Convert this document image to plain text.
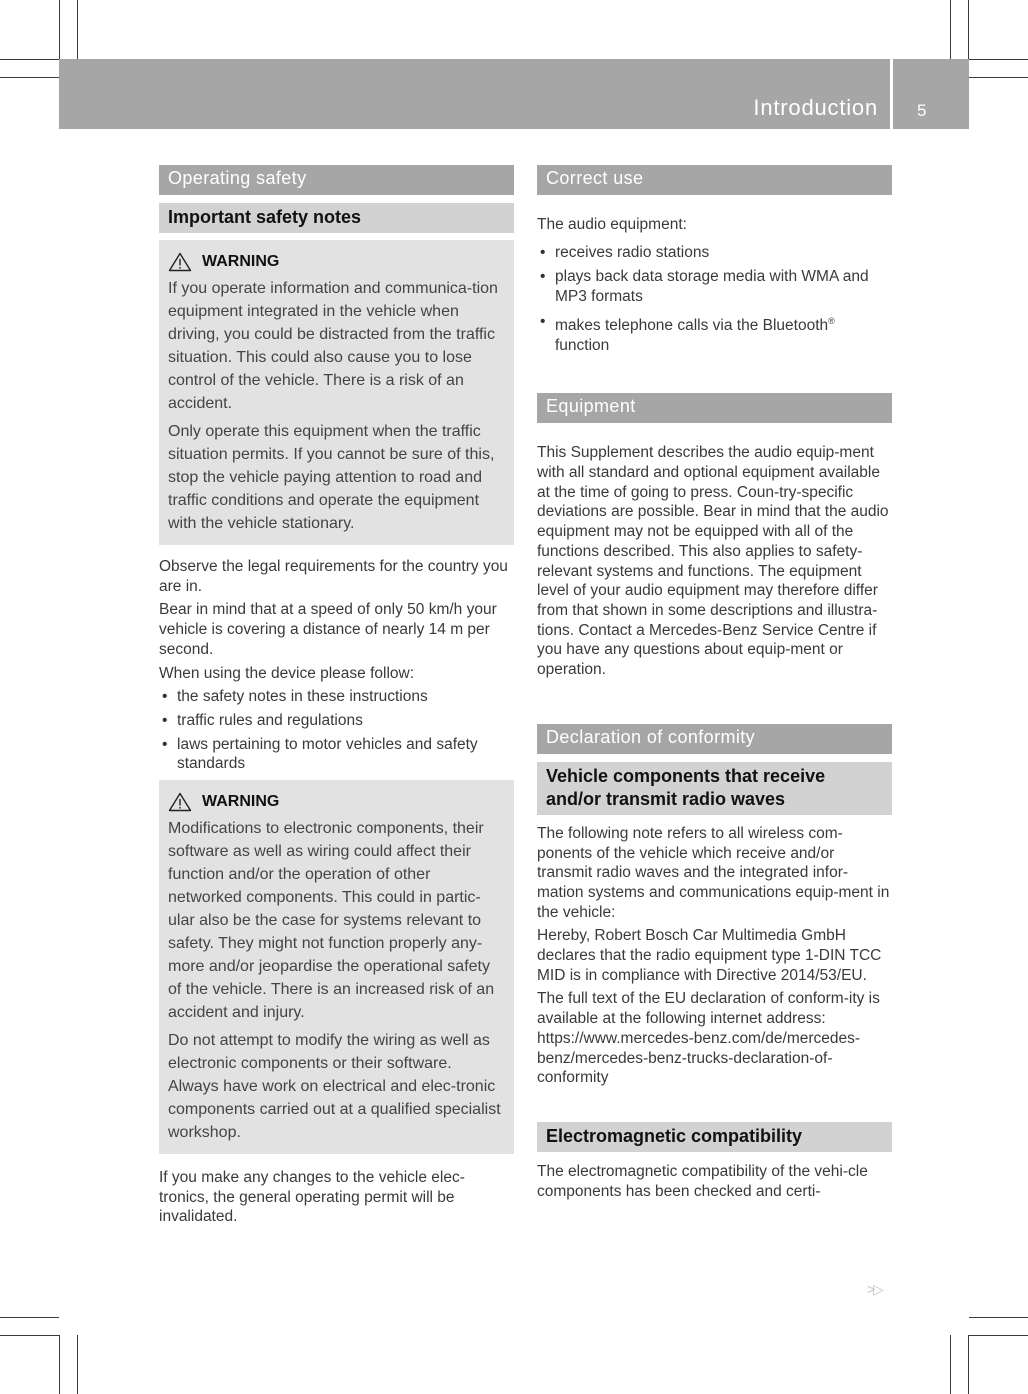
Introduction 5
Operating safety
Important safety notes
WARNING

If you operate information and communica-tion equipment integrated in the vehicle when driving, you could be distracted from the traffic situation. This could also cause you to lose control of the vehicle. There is a risk of an accident.

Only operate this equipment when the traffic situation permits. If you cannot be sure of this, stop the vehicle paying attention to road and traffic conditions and operate the equipment with the vehicle stationary.

Observe the legal requirements for the country you are in.

Bear in mind that at a speed of only 50 km/h your vehicle is covering a distance of nearly 14 m per second.

When using the device please follow:

• the safety notes in these instructions
• traffic rules and regulations
• laws pertaining to motor vehicles and safety standards
WARNING

Modifications to electronic components, their software as well as wiring could affect their function and/or the operation of other networked components. This could in partic-ular also be the case for systems relevant to safety. They might not function properly any-more and/or jeopardise the operational safety of the vehicle. There is an increased risk of an accident and injury.

Do not attempt to modify the wiring as well as electronic components or their software. Always have work on electrical and elec-tronic components carried out at a qualified specialist workshop.

If you make any changes to the vehicle elec-tronics, the general operating permit will be invalidated.

Correct use

The audio equipment:

• receives radio stations
• plays back data storage media with WMA and MP3 formats
• makes telephone calls via the Bluetooth®
function
Equipment

This Supplement describes the audio equip-ment with all standard and optional equipment available at the time of going to press. Coun-try-specific deviations are possible. Bear in mind that the audio equipment may not be equipped with all of the functions described. This also applies to safety-relevant systems and functions. The equipment level of your audio equipment may therefore differ from that shown in some descriptions and illustra-tions. Contact a Mercedes-Benz Service Centre if you have any questions about equip-ment or operation.

Declaration of conformity
Vehicle components that receive and/or transmit radio waves

The following note refers to all wireless com-ponents of the vehicle which receive and/or transmit radio waves and the integrated infor-mation systems and communications equip-ment in the vehicle:

Hereby, Robert Bosch Car Multimedia GmbH declares that the radio equipment type 1-DIN TCC MID is in compliance with Directive 2014/53/EU.

The full text of the EU declaration of conform-ity is available at the following internet address: https://www.mercedes-benz.com/de/mercedes-benz/mercedes-benz-trucks-declaration-of-conformity

Electromagnetic compatibility

The electromagnetic compatibility of the vehi-cle components has been checked and certi-

>▷
